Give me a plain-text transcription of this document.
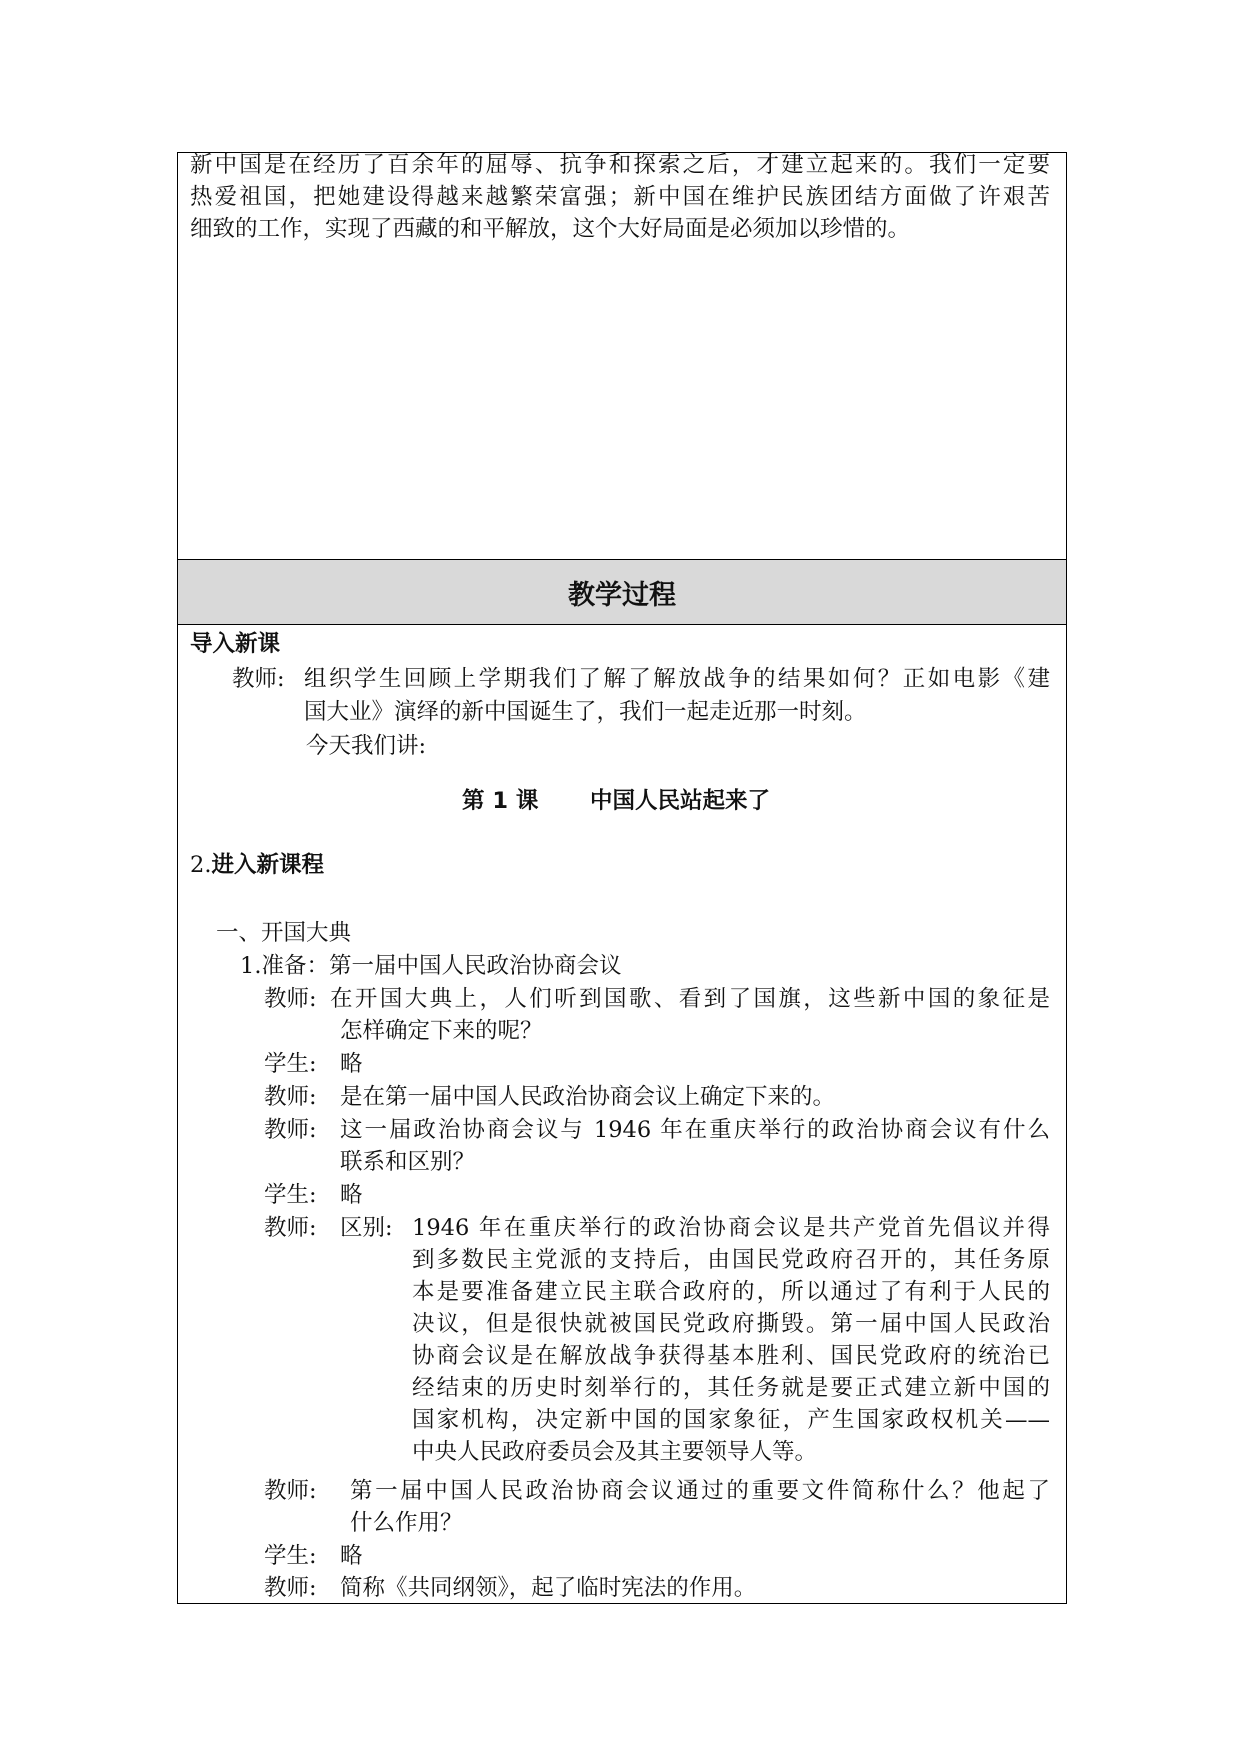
新中国是在经历了百余年的屈辱、抗争和探索之后，才建立起来的。我们一定要
热爱祖国，把她建设得越来越繁荣富强；新中国在维护民族团结方面做了许艰苦
细致的工作，实现了西藏的和平解放，这个大好局面是必须加以珍惜的。
教学过程
导入新课
教师: 组织学生回顾上学期我们了解了解放战争的结果如何？正如电影《建
国大业》演绎的新中国诞生了，我们一起走近那一时刻。
今天我们讲:
第 1 课 中国人民站起来了
2.进入新课程
一、开国大典
1.准备：第一届中国人民政治协商会议
教师: 在开国大典上，人们听到国歌、看到了国旗，这些新中国的象征是
怎样确定下来的呢？
学生: 略
教师: 是在第一届中国人民政治协商会议上确定下来的。
教师: 这一届政治协商会议与 1946 年在重庆举行的政治协商会议有什么
联系和区别？
学生: 略
教师: 区别: 1946 年在重庆举行的政治协商会议是共产党首先倡议并得
到多数民主党派的支持后，由国民党政府召开的，其任务原
本是要准备建立民主联合政府的，所以通过了有利于人民的
决议，但是很快就被国民党政府撕毁。第一届中国人民政治
协商会议是在解放战争获得基本胜利、国民党政府的统治已
经结束的历史时刻举行的，其任务就是要正式建立新中国的
国家机构，决定新中国的国家象征，产生国家政权机关——
中央人民政府委员会及其主要领导人等。
教师: 第一届中国人民政治协商会议通过的重要文件简称什么？他起了
什么作用？
学生: 略
教师: 简称《共同纲领》，起了临时宪法的作用。
